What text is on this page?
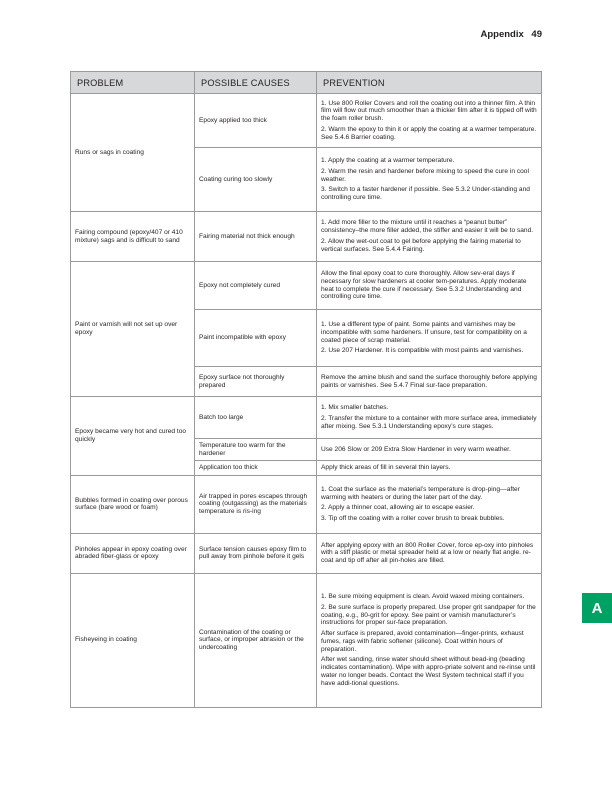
Appendix 49
PROBLEM	POSSIBLE CAUSES	PREVENTION
Runs or sags in coating	Epoxy applied too thick	1. Use 800 Roller Covers and roll the coating out into a thinner film. A thin film will flow out much smoother than a thicker film after it is tipped off with the foam roller brush.

2. Warm the epoxy to thin it or apply the coating at a warmer temperature. See 5.4.6 Barrier coating.

	Coating curing too slowly	1. Apply the coating at a warmer temperature.

2. Warm the resin and hardener before mixing to speed the cure in cool weather.

3. Switch to a faster hardener if possible. See 5.3.2 Under-standing and controlling cure time.

Fairing compound (epoxy/407 or 410 mixture) sags and is difficult to sand	Fairing material not thick enough	1. Add more filler to the mixture until it reaches a “peanut butter” consistency–the more filler added, the stiffer and easier it will be to sand.

2. Allow the wet-out coat to gel before applying the fairing material to vertical surfaces. See 5.4.4 Fairing.

Paint or varnish will not set up over epoxy	Epoxy not completely cured	Allow the final epoxy coat to cure thoroughly. Allow sev-eral days if necessary for slow hardeners at cooler tem-peratures. Apply moderate heat to complete the cure if necessary. See 5.3.2 Understanding and controlling cure time.

	Paint incompatible with epoxy	1. Use a different type of paint. Some paints and varnishes may be incompatible with some hardeners. If unsure, test for compatibility on a coated piece of scrap material.

2. Use 207 Hardener. It is compatible with most paints and varnishes.

	Epoxy surface not thoroughly prepared	Remove the amine blush and sand the surface thoroughly before applying paints or varnishes. See 5.4.7 Final sur-face preparation.

Epoxy became very hot and cured too quickly	Batch too large	1. Mix smaller batches.

2. Transfer the mixture to a container with more surface area, immediately after mixing. See 5.3.1 Understanding epoxy’s cure stages.

	Temperature too warm for the hardener	Use 206 Slow or 209 Extra Slow Hardener in very warm weather.

	Application too thick	Apply thick areas of fill in several thin layers.

Bubbles formed in coating over porous surface (bare wood or foam)	Air trapped in pores escapes through coating (outgassing) as the materials temperature is ris-ing	1. Coat the surface as the material’s temperature is drop-ping—after warming with heaters or during the later part of the day.

2. Apply a thinner coat, allowing air to escape easier.

3. Tip off the coating with a roller cover brush to break bubbles.

Pinholes appear in epoxy coating over abraded fiber-glass or epoxy	Surface tension causes epoxy film to pull away from pinhole before it gels	After applying epoxy with an 800 Roller Cover, force ep-oxy into pinholes with a stiff plastic or metal spreader held at a low or nearly flat angle. re-coat and tip off after all pin-holes are filled.

Fisheyeing in coating	Contamination of the coating or surface, or improper abrasion or the undercoating	1. Be sure mixing equipment is clean. Avoid waxed mixing containers.

2. Be sure surface is properly prepared. Use proper grit sandpaper for the coating, e.g., 80-grit for epoxy. See paint or varnish manufacturer’s instructions for proper sur-face preparation.

After surface is prepared, avoid contamination—finger-prints, exhaust fumes, rags with fabric softener (silicone). Coat within hours of preparation.

After wet sanding, rinse water should sheet without bead-ing (beading indicates contamination). Wipe with appro-priate solvent and re-rinse until water no longer beads. Contact the West System technical staff if you have addi-tional questions.

A
